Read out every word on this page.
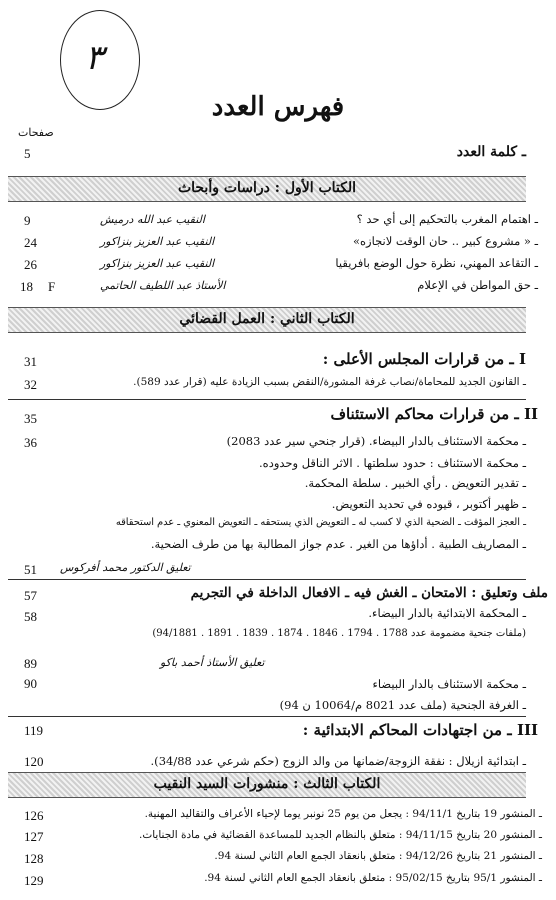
٣
فهرس العدد
صفحات
5	ـ كلمة العدد
الكتاب الأول : دراسات وأبحاث
9	النقيب عبد الله درميش	ـ اهتمام المغرب بالتحكيم إلى أي حد ؟
24	النقيب عبد العزيز بنزاكور	ـ « مشروع كبير .. حان الوقت لانجازه»
26	النقيب عبد العزيز بنزاكور	ـ التقاعد المهني، نظرة حول الوضع بافريقيا
18 F	الأستاذ عبد اللطيف الحاتمي	ـ حق المواطن في الإعلام
الكتاب الثاني : العمل القضائي
31	I ـ من قرارات المجلس الأعلى :
32	ـ القانون الجديد للمحاماة/نصاب غرفة المشورة/النقض بسبب الزيادة عليه (قرار عدد 589).
35	II ـ من قرارات محاكم الاستئناف
36	ـ محكمة الاستئناف بالدار البيضاء. (قرار جنحي سير عدد 2083)
ـ محكمة الاستئناف : حدود سلطتها . الاثر الناقل وحدوده.
ـ تقدير التعويض . رأي الخبير . سلطة المحكمة.
ـ ظهير أكتوبر ، قيوده في تحديد التعويض.
ـ العجز المؤقت ـ الضحية الذي لا كسب له ـ التعويض الذي يستحقه ـ التعويض المعنوي ـ عدم استحقاقه
ـ المصاريف الطبية . أداؤها من الغير . عدم جواز المطالبة بها من طرف الضحية.
51 تعليق الدكتور محمد أفركوس
57	ملف وتعليق : الامتحان ـ الغش فيه ـ الافعال الداخلة في التجريم
58	ـ المحكمة الابتدائية بالدار البيضاء.
(ملفات جنحية مضمومة عدد 1788 . 1794 . 1846 . 1874 . 1839 . 1891 . 94/1881)
89	تعليق الأستاذ أحمد باكو
90	ـ محكمة الاستئناف بالدار البيضاء
ـ الغرفة الجنحية (ملف عدد 8021 م/10064 ن 94)
119	III ـ من اجتهادات المحاكم الابتدائية :
120	ـ ابتدائية ازيلال : نفقة الزوجة/ضمانها من والد الزوج (حكم شرعي عدد 34/88).
الكتاب الثالث : منشورات السيد النقيب
126	ـ المنشور 19 بتاريخ 94/11/1 : يجعل من يوم 25 نونبر يوما لإحياء الأعراف والتقاليد المهنية.
127	ـ المنشور 20 بتاريخ 94/11/15 : متعلق بالنظام الجديد للمساعدة القضائية في مادة الجنايات.
128	ـ المنشور 21 بتاريخ 94/12/26 : متعلق بانعقاد الجمع العام الثاني لسنة 94.
129	ـ المنشور 95/1 بتاريخ 95/02/15 : متعلق بانعقاد الجمع العام الثاني لسنة 94.
